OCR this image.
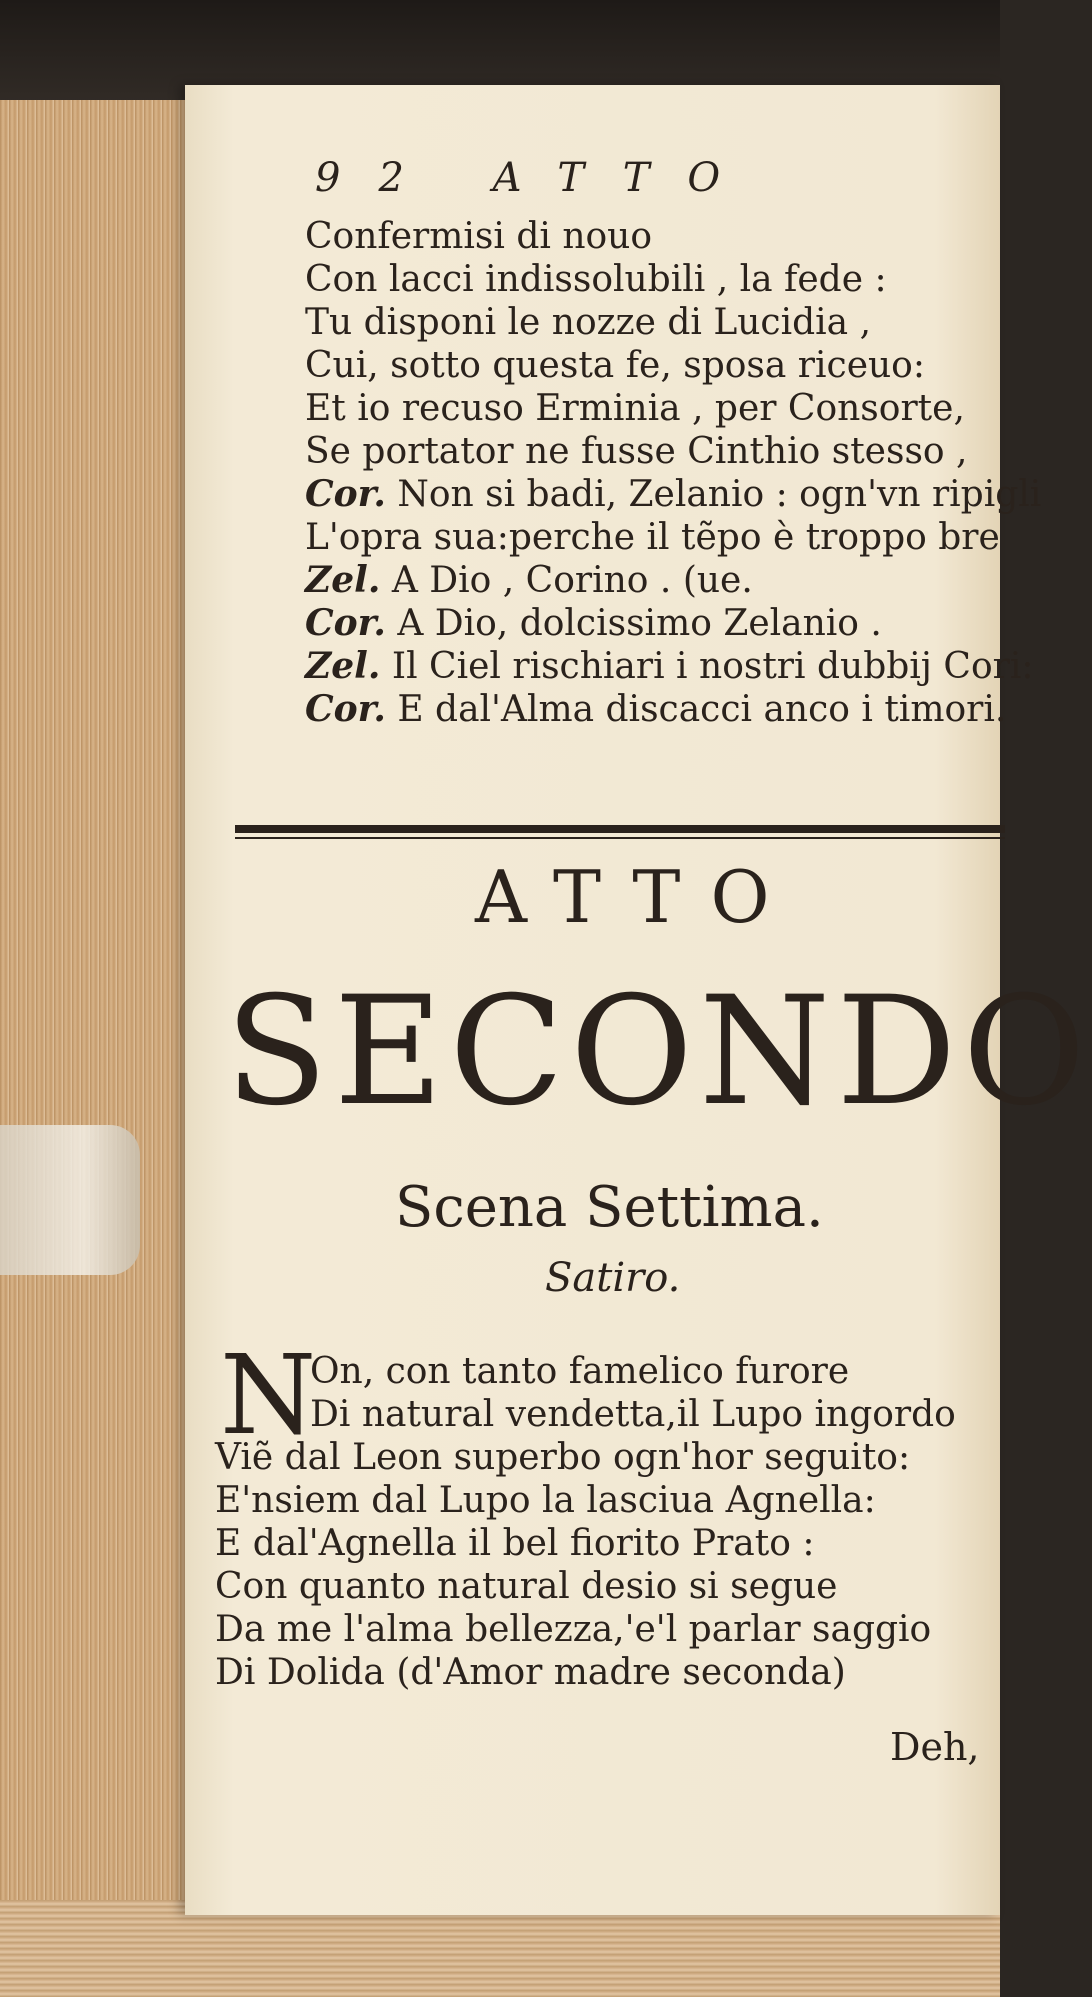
92 ATTO
Confermisi di nouo
Con lacci indissolubili , la fede :
Tu disponi le nozze di Lucidia ,
Cui, sotto questa fe, sposa riceuo:
Et io recuso Erminia , per Consorte,
Se portator ne fusse Cinthio stesso ,
Cor. Non si badi, Zelanio : ogn'vn ripigli
L'opra sua:perche il tẽpo è troppo bre
Zel. A Dio , Corino . (ue.
Cor. A Dio, dolcissimo Zelanio .
Zel. Il Ciel rischiari i nostri dubbij Cori:
Cor. E dal'Alma discacci anco i timori.
ATTO
SECONDO
Scena Settima.
Satiro.
N
On, con tanto famelico furore
Di natural vendetta,il Lupo ingordo
Viẽ dal Leon superbo ogn'hor seguito:
E'nsiem dal Lupo la lasciua Agnella:
E dal'Agnella il bel fiorito Prato :
Con quanto natural desio si segue
Da me l'alma bellezza,'e'l parlar saggio
Di Dolida (d'Amor madre seconda)
Deh,
